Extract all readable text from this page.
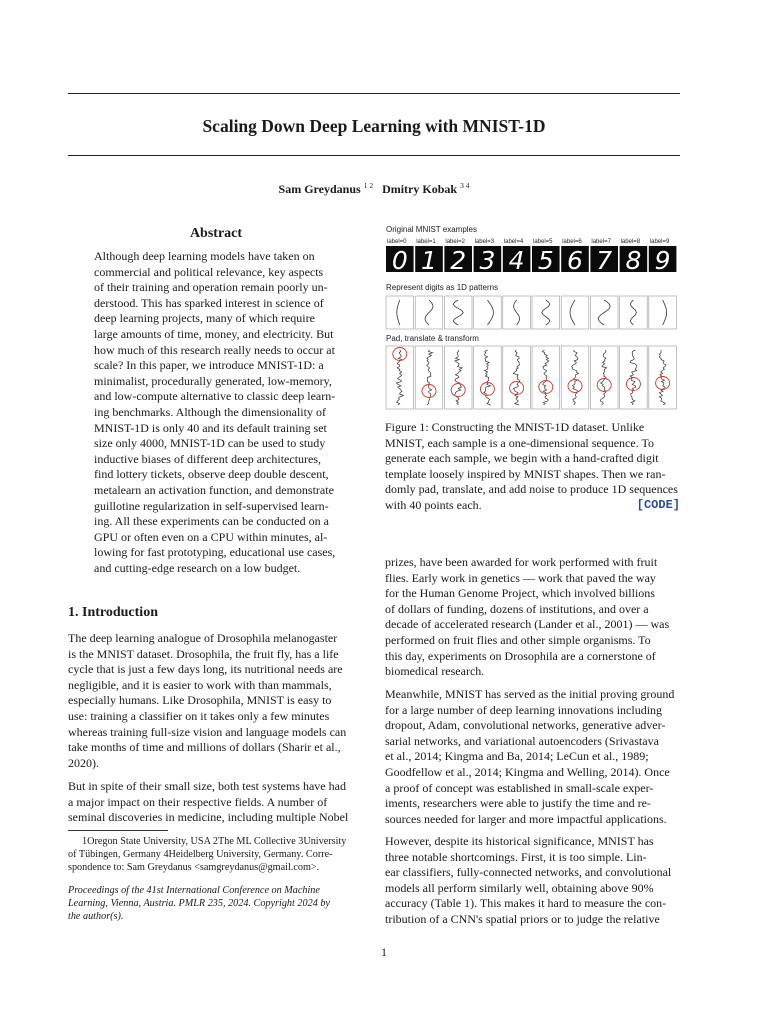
Scaling Down Deep Learning with MNIST-1D
Sam Greydanus $^{1 2}$ Dmitry Kobak $^{3 4}$
Abstract
Although deep learning models have taken on
commercial and political relevance, key aspects
of their training and operation remain poorly un-
derstood. This has sparked interest in science of
deep learning projects, many of which require
large amounts of time, money, and electricity. But
how much of this research really needs to occur at
scale? In this paper, we introduce MNIST-1D: a
minimalist, procedurally generated, low-memory,
and low-compute alternative to classic deep learn-
ing benchmarks. Although the dimensionality of
MNIST-1D is only 40 and its default training set
size only 4000, MNIST-1D can be used to study
inductive biases of different deep architectures,
find lottery tickets, observe deep double descent,
metalearn an activation function, and demonstrate
guillotine regularization in self-supervised learn-
ing. All these experiments can be conducted on a
GPU or often even on a CPU within minutes, al-
lowing for fast prototyping, educational use cases,
and cutting-edge research on a low budget.
1. Introduction
The deep learning analogue of Drosophila melanogaster
is the MNIST dataset. Drosophila, the fruit fly, has a life
cycle that is just a few days long, its nutritional needs are
negligible, and it is easier to work with than mammals,
especially humans. Like Drosophila, MNIST is easy to
use: training a classifier on it takes only a few minutes
whereas training full-size vision and language models can
take months of time and millions of dollars (Sharir et al.,
2020).
But in spite of their small size, both test systems have had
a major impact on their respective fields. A number of
seminal discoveries in medicine, including multiple Nobel
1Oregon State University, USA 2The ML Collective 3University
of Tübingen, Germany 4Heidelberg University, Germany. Corre-
spondence to: Sam Greydanus <samgreydanus@gmail.com>.
Proceedings of the 41st International Conference on Machine
Learning, Vienna, Austria. PMLR 235, 2024. Copyright 2024 by
the author(s).
Original MNIST examples
label=0
0
label=1
1
label=2
2
label=3
3
label=4
4
label=5
5
label=6
6
label=7
7
label=8
8
label=9
9
Represent digits as 1D patterns
Pad, translate & transform
Figure 1: Constructing the MNIST-1D dataset. Unlike
MNIST, each sample is a one-dimensional sequence. To
generate each sample, we begin with a hand-crafted digit
template loosely inspired by MNIST shapes. Then we ran-
domly pad, translate, and add noise to produce 1D sequences
with 40 points each.	[CODE]
prizes, have been awarded for work performed with fruit
flies. Early work in genetics — work that paved the way
for the Human Genome Project, which involved billions
of dollars of funding, dozens of institutions, and over a
decade of accelerated research (Lander et al., 2001) — was
performed on fruit flies and other simple organisms. To
this day, experiments on Drosophila are a cornerstone of
biomedical research.
Meanwhile, MNIST has served as the initial proving ground
for a large number of deep learning innovations including
dropout, Adam, convolutional networks, generative adver-
sarial networks, and variational autoencoders (Srivastava
et al., 2014; Kingma and Ba, 2014; LeCun et al., 1989;
Goodfellow et al., 2014; Kingma and Welling, 2014). Once
a proof of concept was established in small-scale exper-
iments, researchers were able to justify the time and re-
sources needed for larger and more impactful applications.
However, despite its historical significance, MNIST has
three notable shortcomings. First, it is too simple. Lin-
ear classifiers, fully-connected networks, and convolutional
models all perform similarly well, obtaining above 90%
accuracy (Table 1). This makes it hard to measure the con-
tribution of a CNN's spatial priors or to judge the relative
1
